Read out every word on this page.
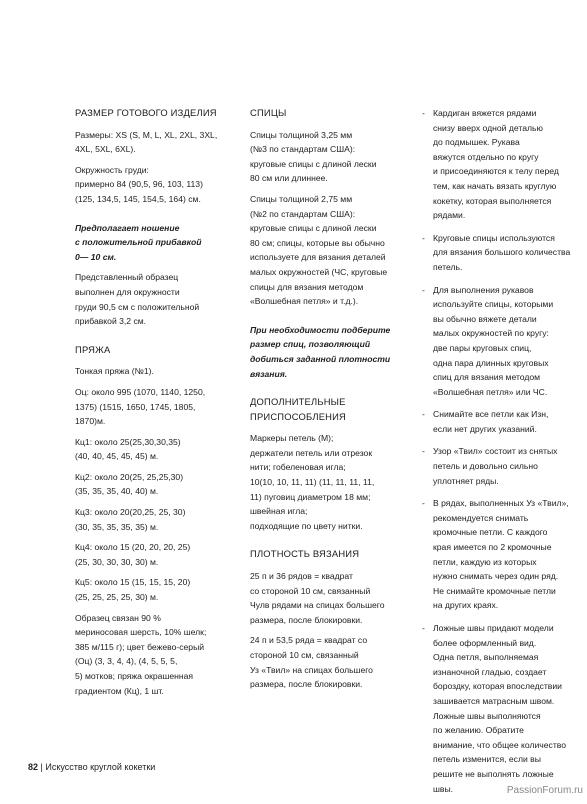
РАЗМЕР ГОТОВОГО ИЗДЕЛИЯ
Размеры: XS (S, M, L, XL, 2XL, 3XL,
4XL, 5XL, 6XL).
Окружность груди:
примерно 84 (90,5, 96, 103, 113)
(125, 134,5, 145, 154,5, 164) см.
Предполагает ношение
с положительной прибавкой
0— 10 см.
Представленный образец
выполнен для окружности
груди 90,5 см с положительной
прибавкой 3,2 см.
ПРЯЖА
Тонкая пряжа (№1).
Оц: около 995 (1070, 1140, 1250,
1375) (1515, 1650, 1745, 1805,
1870)м.
Кц1: около 25(25,30,30,35)
(40, 40, 45, 45, 45) м.
Кц2: около 20(25, 25,25,30)
(35, 35, 35, 40, 40) м.
Кц3: около 20(20,25, 25, 30)
(30, 35, 35, 35, 35) м.
Кц4: около 15 (20, 20, 20, 25)
(25, 30, 30, 30, 30) м.
Кц5: около 15 (15, 15, 15, 20)
(25, 25, 25, 25, 30) м.
Образец связан 90 %
мериносовая шерсть, 10% шелк;
385 м/115 г); цвет бежево-серый
(Оц) (3, 3, 4, 4), (4, 5, 5, 5,
5) мотков; пряжа окрашенная
градиентом (Кц), 1 шт.
СПИЦЫ
Спицы толщиной 3,25 мм
(№3 по стандартам США):
круговые спицы с длиной лески
80 см или длиннее.
Спицы толщиной 2,75 мм
(№2 по стандартам США):
круговые спицы с длиной лески
80 см; спицы, которые вы обычно
используете для вязания деталей
малых окружностей (ЧС, круговые
спицы для вязания методом
«Волшебная петля» и т.д.).
При необходимости подберите
размер спиц, позволяющий
добиться заданной плотности
вязания.
ДОПОЛНИТЕЛЬНЫЕ
ПРИСПОСОБЛЕНИЯ
Маркеры петель (М);
держатели петель или отрезок
нити; гобеленовая игла;
10(10, 10, 11, 11) (11, 11, 11, 11,
11) пуговиц диаметром 18 мм;
швейная игла;
подходящие по цвету нитки.
ПЛОТНОСТЬ ВЯЗАНИЯ
25 п и 36 рядов = квадрат
со стороной 10 см, связанный
Чулв рядами на спицах большего
размера, после блокировки.
24 п и 53,5 рядa = квадрат со
стороной 10 см, связанный
Уз «Твил» на спицах большего
размера, после блокировки.
- Кардиган вяжется рядами
снизу вверх одной деталью
до подмышек. Рукава
вяжутся отдельно по кругу
и присоединяются к телу перед
тем, как начать вязать круглую
кокетку, которая выполняется
рядами.
- Круговые спицы используются
для вязания большого количества
петель.
- Для выполнения рукавов
используйте спицы, которыми
вы обычно вяжете детали
малых окружностей по кругу:
две пары круговых спиц,
одна пара длинных круговых
спиц для вязания методом
«Волшебная петля» или ЧС.
- Снимайте все петли как Изн,
если нет других указаний.
- Узор «Твил» состоит из снятых
петель и довольно сильно
уплотняет ряды.
- В рядах, выполненных Уз «Твил»,
рекомендуется снимать
кромочные петли. С каждого
края имеется по 2 кромочные
петли, каждую из которых
нужно снимать через один ряд.
Не снимайте кромочные петли
на других краях.
- Ложные швы придают модели
более оформленный вид.
Одна петля, выполняемая
изнаночной гладью, создает
бороздку, которая впоследствии
зашивается матрасным швом.
Ложные швы выполняются
по желанию. Обратите
внимание, что общее количество
петель изменится, если вы
решите не выполнять ложные
швы.
82 | Искусство круглой кокетки
PassionForum.ru
